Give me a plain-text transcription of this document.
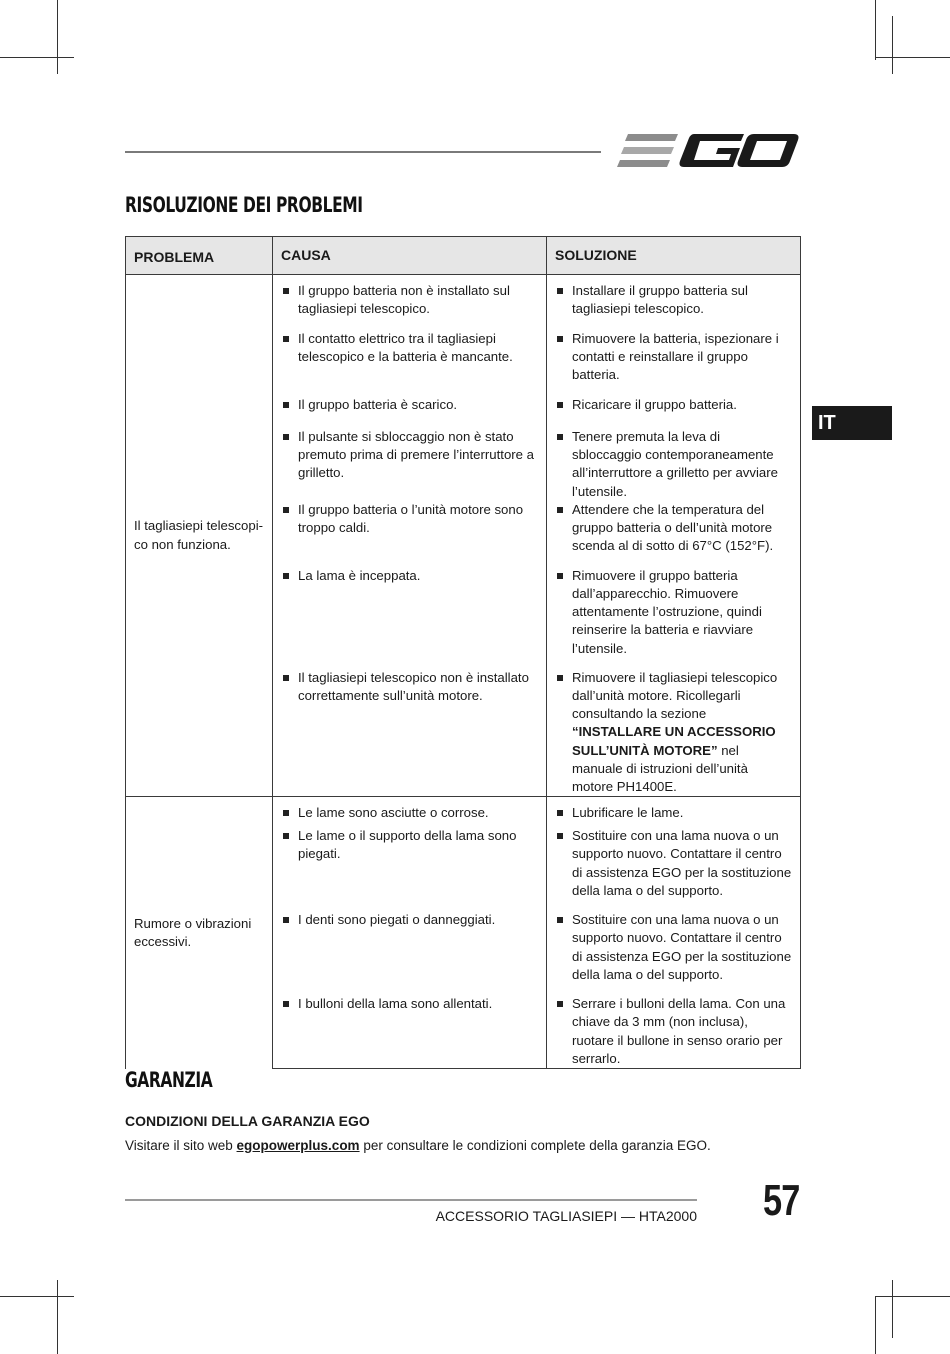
RISOLUZIONE DEI PROBLEMI
IT
PROBLEMA	CAUSA	SOLUZIONE
Il tagliasiepi telescopi-co non funziona.	Il gruppo batteria non è installato sul tagliasiepi telescopico.	Installare il gruppo batteria sul tagliasiepi telescopico.

	Il contatto elettrico tra il tagliasiepi telescopico e la batteria è mancante.	Rimuovere la batteria, ispezionare i contatti e reinstallare il gruppo batteria.

	Il gruppo batteria è scarico.	Ricaricare il gruppo batteria.

	Il pulsante si sbloccaggio non è stato premuto prima di premere l’interruttore a grilletto.	Tenere premuta la leva di sbloccaggio contemporaneamente all’interruttore a grilletto per avviare l’utensile.

	Il gruppo batteria o l’unità motore sono troppo caldi.	Attendere che la temperatura del gruppo batteria o dell’unità motore scenda al di sotto di 67°C (152°F).

	La lama è inceppata.	Rimuovere il gruppo batteria dall’apparecchio. Rimuovere attentamente l’ostruzione, quindi reinserire la batteria e riavviare l’utensile.

	Il tagliasiepi telescopico non è installato correttamente sull’unità motore.	Rimuovere il tagliasiepi telescopico dall’unità motore. Ricollegarli consultando la sezione “INSTALLARE UN ACCESSORIO SULL’UNITÀ MOTORE” nel manuale di istruzioni dell’unità motore PH1400E.

Rumore o vibrazioni eccessivi.	Le lame sono asciutte o corrose.	Lubrificare le lame.

	Le lame o il supporto della lama sono piegati.	Sostituire con una lama nuova o un supporto nuovo. Contattare il centro di assistenza EGO per la sostituzione della lama o del supporto.

	I denti sono piegati o danneggiati.	Sostituire con una lama nuova o un supporto nuovo. Contattare il centro di assistenza EGO per la sostituzione della lama o del supporto.

	I bulloni della lama sono allentati.	Serrare i bulloni della lama. Con una chiave da 3 mm (non inclusa), ruotare il bullone in senso orario per serrarlo.
GARANZIA
CONDIZIONI DELLA GARANZIA EGO

Visitare il sito web egopowerplus.com per consultare le condizioni complete della garanzia EGO.

ACCESSORIO TAGLIASIEPI — HTA2000 57
